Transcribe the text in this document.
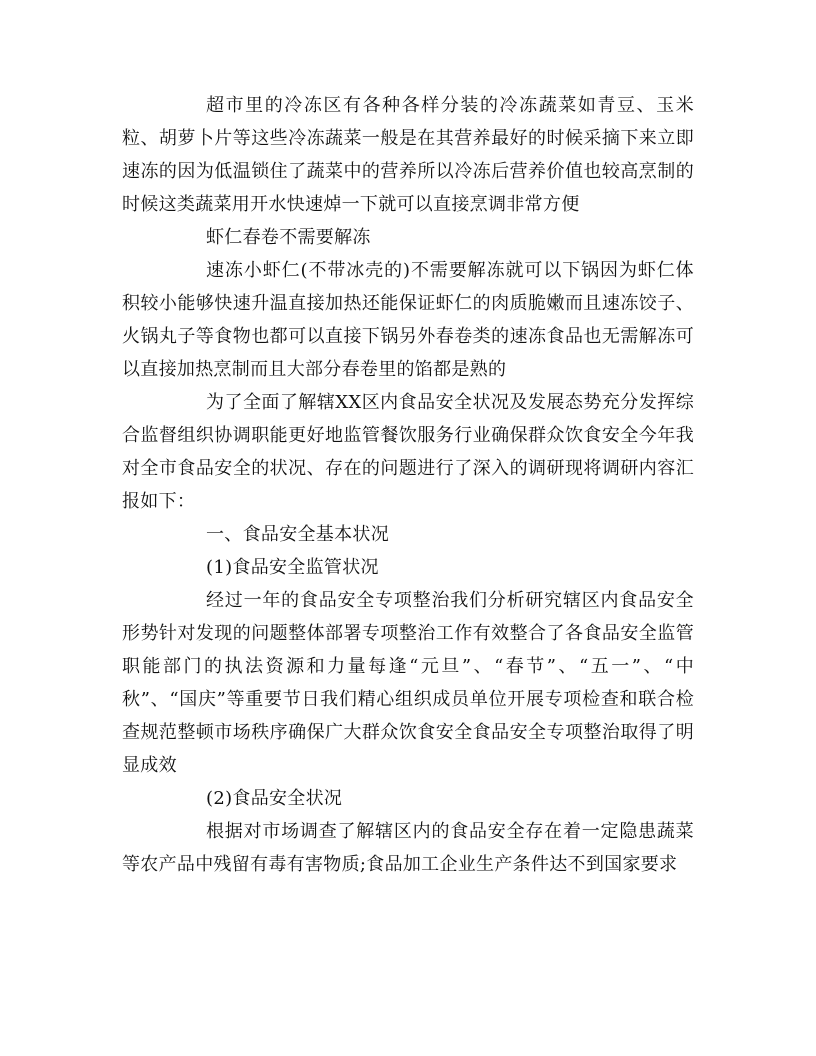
超市里的冷冻区有各种各样分装的冷冻蔬菜如青豆、玉米粒、胡萝卜片等这些冷冻蔬菜一般是在其营养最好的时候采摘下来立即速冻的因为低温锁住了蔬菜中的营养所以冷冻后营养价值也较高烹制的时候这类蔬菜用开水快速焯一下就可以直接烹调非常方便

虾仁春卷不需要解冻

速冻小虾仁(不带冰壳的)不需要解冻就可以下锅因为虾仁体积较小能够快速升温直接加热还能保证虾仁的肉质脆嫩而且速冻饺子、火锅丸子等食物也都可以直接下锅另外春卷类的速冻食品也无需解冻可以直接加热烹制而且大部分春卷里的馅都是熟的

为了全面了解辖XX区内食品安全状况及发展态势充分发挥综合监督组织协调职能更好地监管餐饮服务行业确保群众饮食安全今年我对全市食品安全的状况、存在的问题进行了深入的调研现将调研内容汇报如下：

一、食品安全基本状况

(1)食品安全监管状况

经过一年的食品安全专项整治我们分析研究辖区内食品安全形势针对发现的问题整体部署专项整治工作有效整合了各食品安全监管职能部门的执法资源和力量每逢“元旦”、“春节”、“五一”、“中秋”、“国庆”等重要节日我们精心组织成员单位开展专项检查和联合检查规范整顿市场秩序确保广大群众饮食安全食品安全专项整治取得了明显成效

(2)食品安全状况

根据对市场调查了解辖区内的食品安全存在着一定隐患蔬菜等农产品中残留有毒有害物质;食品加工企业生产条件达不到国家要求
